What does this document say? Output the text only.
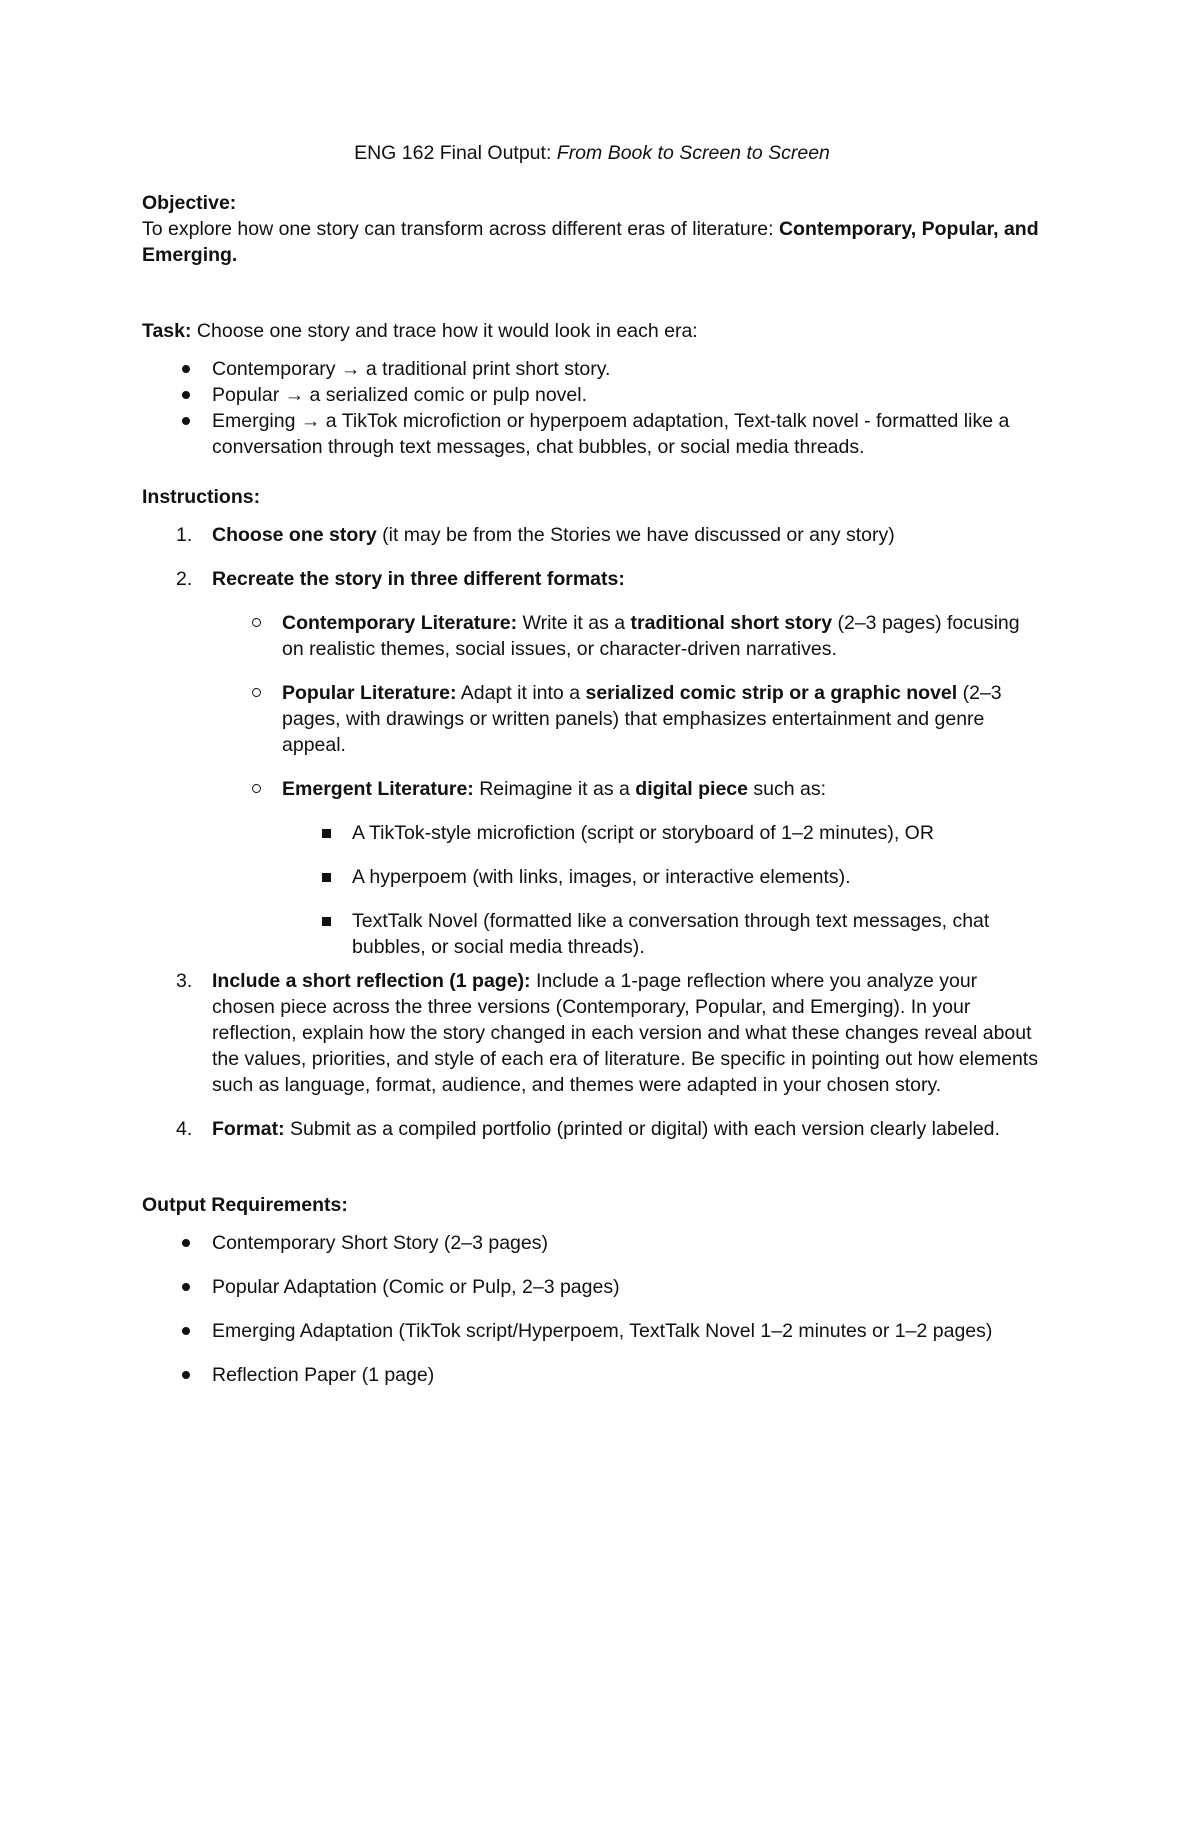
ENG 162 Final Output: From Book to Screen to Screen

Objective:

To explore how one story can transform across different eras of literature: Contemporary, Popular, and Emerging.

Task: Choose one story and trace how it would look in each era:

Contemporary → a traditional print short story.
Popular → a serialized comic or pulp novel.
Emerging → a TikTok microfiction or hyperpoem adaptation, Text-talk novel - formatted like a conversation through text messages, chat bubbles, or social media threads.

Instructions:

1. Choose one story (it may be from the Stories we have discussed or any story)
2. Recreate the story in three different formats:
Contemporary Literature: Write it as a traditional short story (2–3 pages) focusing on realistic themes, social issues, or character-driven narratives.
Popular Literature: Adapt it into a serialized comic strip or a graphic novel (2–3 pages, with drawings or written panels) that emphasizes entertainment and genre appeal.
Emergent Literature: Reimagine it as a digital piece such as:
A TikTok-style microfiction (script or storyboard of 1–2 minutes), OR
A hyperpoem (with links, images, or interactive elements).
TextTalk Novel (formatted like a conversation through text messages, chat bubbles, or social media threads).
3. Include a short reflection (1 page): Include a 1-page reflection where you analyze your chosen piece across the three versions (Contemporary, Popular, and Emerging). In your reflection, explain how the story changed in each version and what these changes reveal about the values, priorities, and style of each era of literature. Be specific in pointing out how elements such as language, format, audience, and themes were adapted in your chosen story.
4. Format: Submit as a compiled portfolio (printed or digital) with each version clearly labeled.

Output Requirements:

Contemporary Short Story (2–3 pages)
Popular Adaptation (Comic or Pulp, 2–3 pages)
Emerging Adaptation (TikTok script/Hyperpoem, TextTalk Novel 1–2 minutes or 1–2 pages)
Reflection Paper (1 page)
